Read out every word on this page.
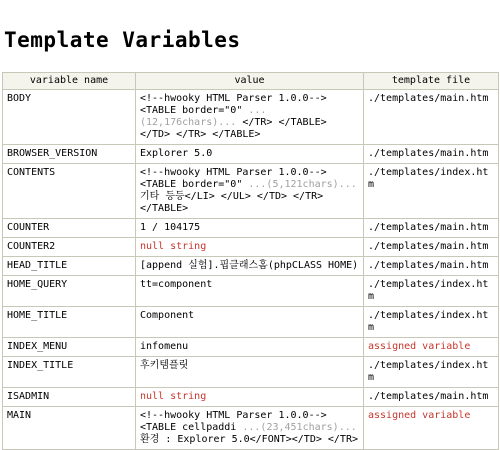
Template Variables
variable name	value	template file
BODY	<!--hwooky HTML Parser 1.0.0--> <TABLE border="0" ...(12,176chars)... </TR> </TABLE> </TD> </TR> </TABLE>	./templates/main.htm
BROWSER_VERSION	Explorer 5.0	./templates/main.htm
CONTENTS	<!--hwooky HTML Parser 1.0.0--> <TABLE border="0" ...(5,121chars)... 기타 등등</LI> </UL> </TD> </TR> </TABLE>	./templates/index.htm
COUNTER	1 / 104175	./templates/main.htm
COUNTER2	null string	./templates/main.htm
HEAD_TITLE	[append 실험].핍클래스홈(phpCLASS HOME)	./templates/main.htm
HOME_QUERY	tt=component	./templates/index.htm
HOME_TITLE	Component	./templates/index.htm
INDEX_MENU	infomenu	assigned variable
INDEX_TITLE	후키템플릿	./templates/index.htm
ISADMIN	null string	./templates/main.htm
MAIN	<!--hwooky HTML Parser 1.0.0--> <TABLE cellpaddi ...(23,451chars)... 환경 : Explorer 5.0</FONT></TD> </TR>	assigned variable
